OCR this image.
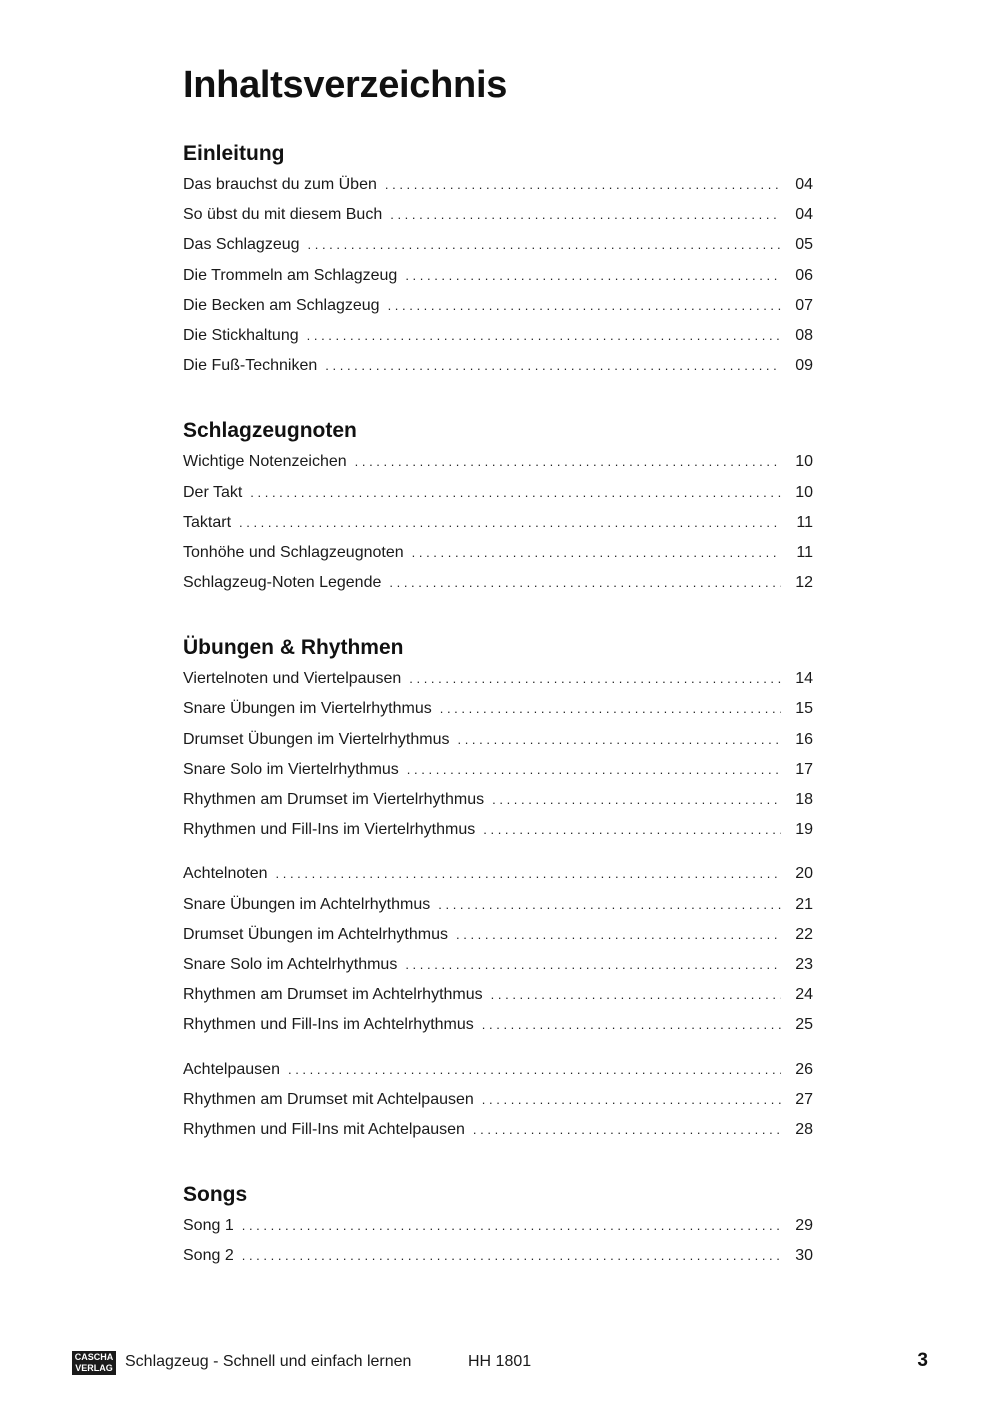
Inhaltsverzeichnis
Einleitung
Das brauchst du zum Üben . . .	04
So übst du mit diesem Buch . . .	04
Das Schlagzeug . . .	05
Die Trommeln am Schlagzeug . . .	06
Die Becken am Schlagzeug . . .	07
Die Stickhaltung . . .	08
Die Fuß-Techniken . . .	09
Schlagzeugnoten
Wichtige Notenzeichen . . .	10
Der Takt . . .	10
Taktart . . .	11
Tonhöhe und Schlagzeugnoten . . .	11
Schlagzeug-Noten Legende . . .	12
Übungen & Rhythmen
Viertelnoten und Viertelpausen . . .	14
Snare Übungen im Viertelrhythmus . . .	15
Drumset Übungen im Viertelrhythmus . . .	16
Snare Solo im Viertelrhythmus . . .	17
Rhythmen am Drumset im Viertelrhythmus . . .	18
Rhythmen und Fill-Ins im Viertelrhythmus . . .	19
Achtelnoten . . .	20
Snare Übungen im Achtelrhythmus . . .	21
Drumset Übungen im Achtelrhythmus . . .	22
Snare Solo im Achtelrhythmus . . .	23
Rhythmen am Drumset im Achtelrhythmus . . .	24
Rhythmen und Fill-Ins im Achtelrhythmus . . .	25
Achtelpausen . . .	26
Rhythmen am Drumset mit Achtelpausen . . .	27
Rhythmen und Fill-Ins mit Achtelpausen . . .	28
Songs
Song 1 . . .	29
Song 2 . . .	30
CASCHA
VERLAG Schlagzeug - Schnell und einfach lernen	HH 1801	3
